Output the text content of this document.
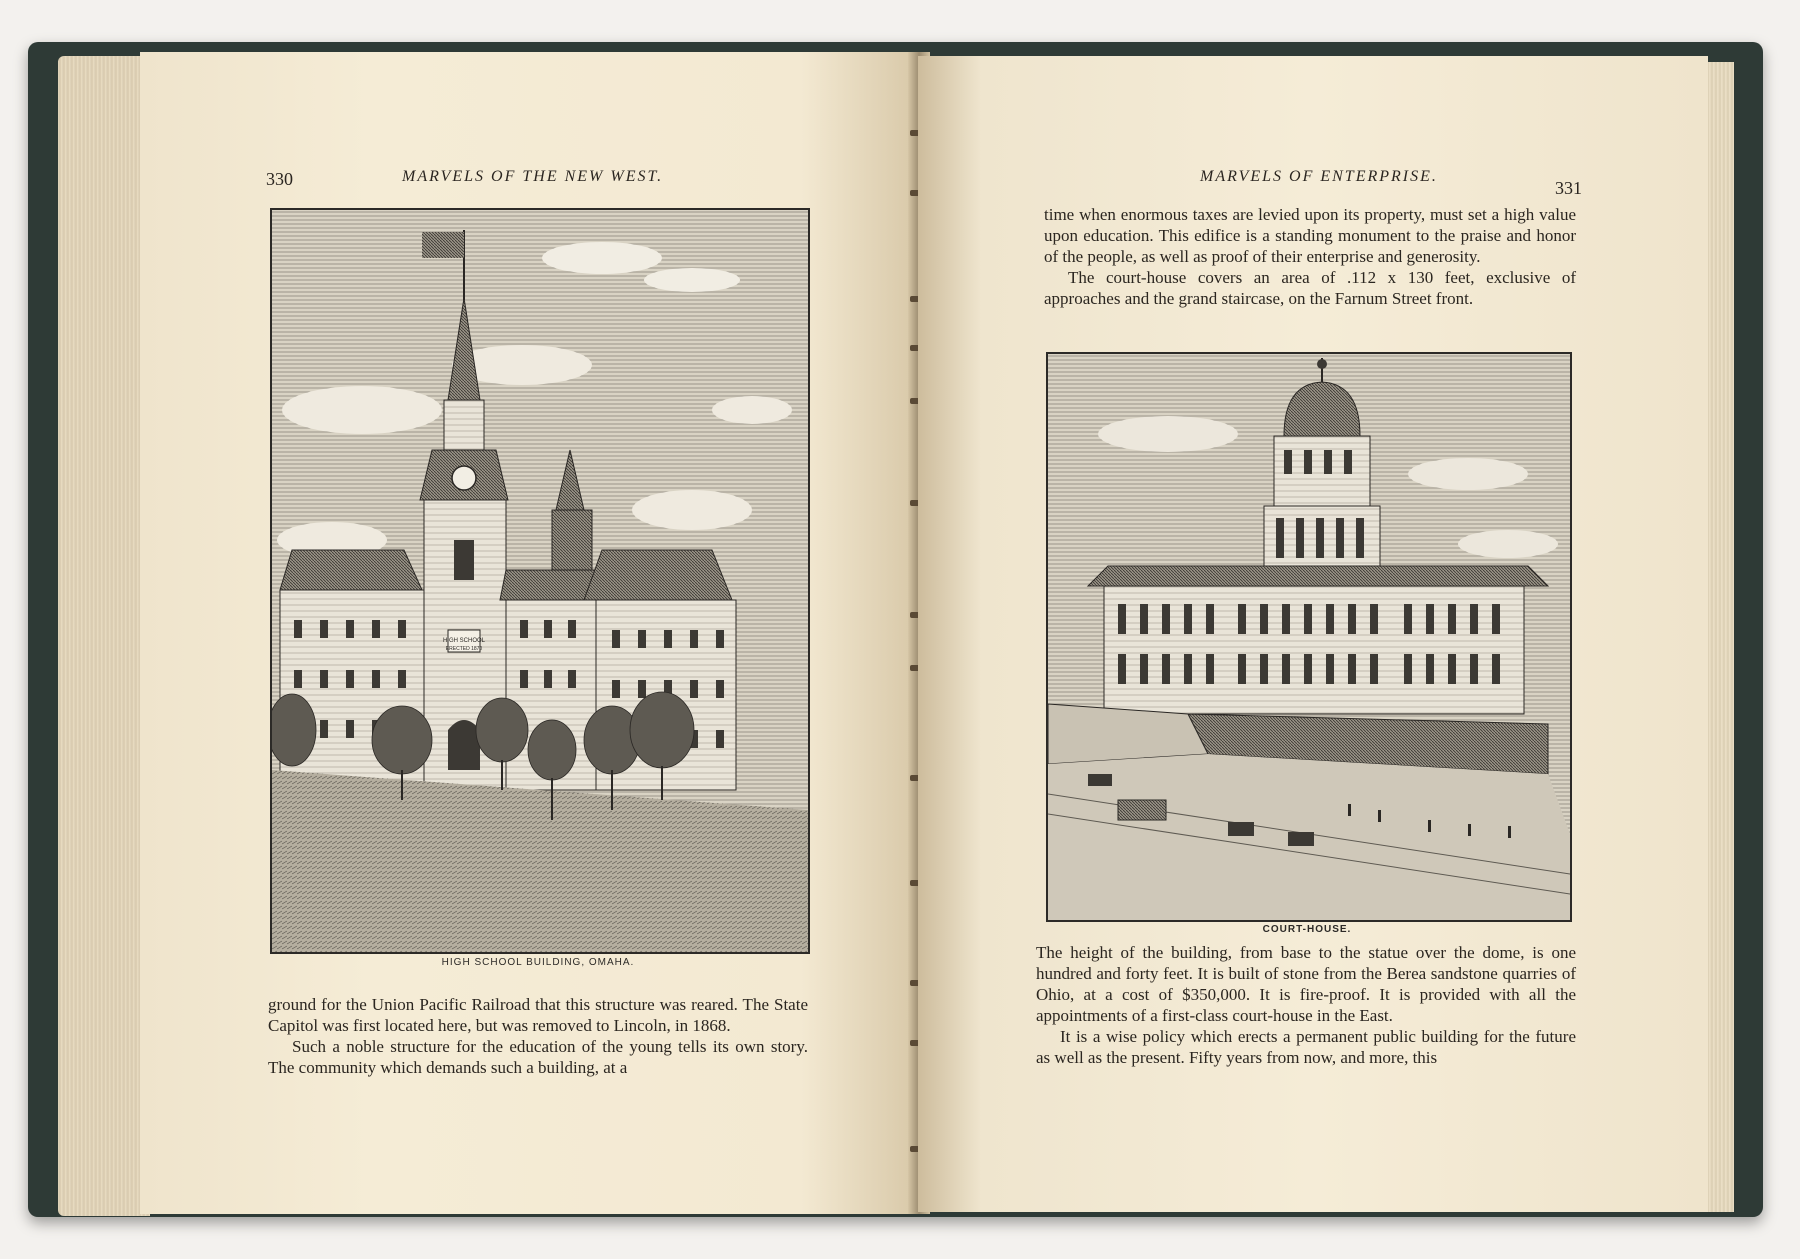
330	MARVELS OF THE NEW WEST.
HIGH SCHOOL
ERECTED 1870
HIGH SCHOOL BUILDING, OMAHA.

ground for the Union Pacific Railroad that this structure was reared. The State Capitol was first located here, but was removed to Lincoln, in 1868.

Such a noble structure for the education of the young tells its own story. The community which demands such a building, at a

MARVELS OF ENTERPRISE.
331

time when enormous taxes are levied upon its property, must set a high value upon education. This edifice is a standing monument to the praise and honor of the people, as well as proof of their enterprise and generosity.

The court-house covers an area of .112 x 130 feet, exclusive of approaches and the grand staircase, on the Farnum Street front.

COURT-HOUSE.

The height of the building, from base to the statue over the dome, is one hundred and forty feet. It is built of stone from the Berea sandstone quarries of Ohio, at a cost of $350,000. It is fire-proof. It is provided with all the appointments of a first-class court-house in the East.

It is a wise policy which erects a permanent public building for the future as well as the present. Fifty years from now, and more, this
